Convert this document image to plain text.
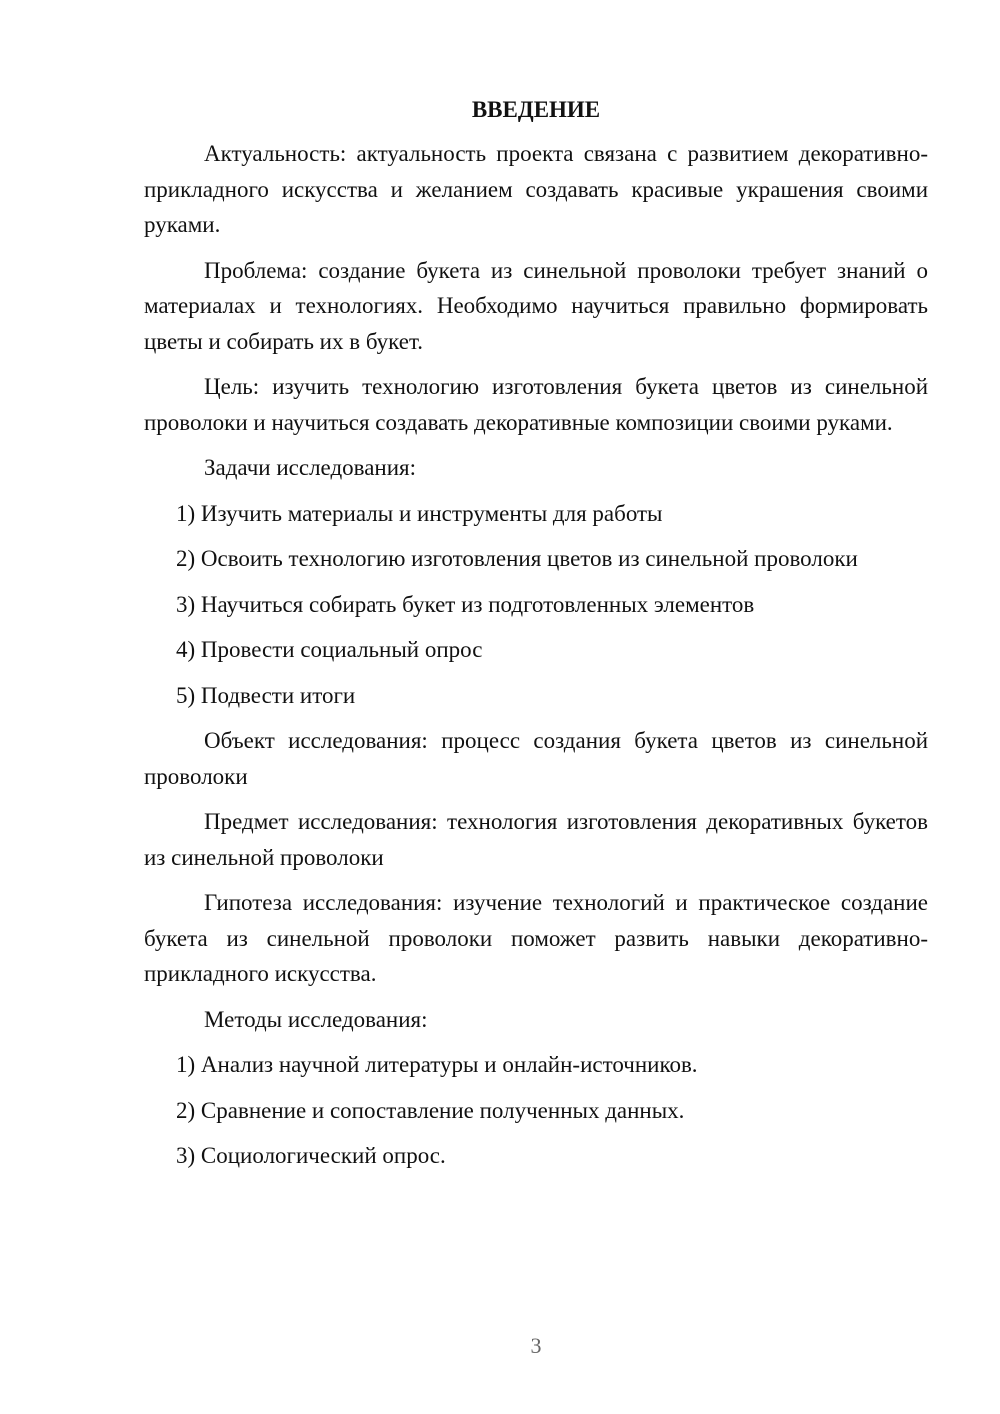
ВВЕДЕНИЕ

Актуальность: актуальность проекта связана с развитием декоративно-прикладного искусства и желанием создавать красивые украшения своими руками.

Проблема: создание букета из синельной проволоки требует знаний о материалах и технологиях. Необходимо научиться правильно формировать цветы и собирать их в букет.

Цель: изучить технологию изготовления букета цветов из синельной проволоки и научиться создавать декоративные композиции своими руками.

Задачи исследования:

1) Изучить материалы и инструменты для работы
2) Освоить технологию изготовления цветов из синельной проволоки
3) Научиться собирать букет из подготовленных элементов
4) Провести социальный опрос
5) Подвести итоги

Объект исследования: процесс создания букета цветов из синельной проволоки

Предмет исследования: технология изготовления декоративных букетов из синельной проволоки

Гипотеза исследования: изучение технологий и практическое создание букета из синельной проволоки поможет развить навыки декоративно-прикладного искусства.

Методы исследования:

1) Анализ научной литературы и онлайн-источников.
2) Сравнение и сопоставление полученных данных.
3) Социологический опрос.
3
